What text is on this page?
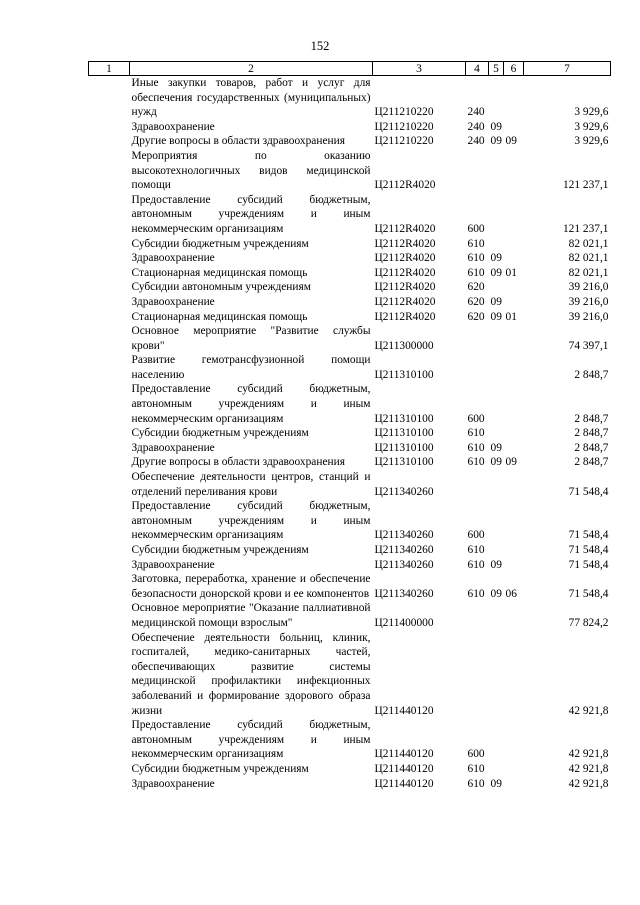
152
1	2	3	4	5	6	7
	Иные закупки товаров, работ и услуг для обеспечения государственных (муниципальных) нужд	Ц211210220	240			3 929,6
	Здравоохранение	Ц211210220	240	09		3 929,6
	Другие вопросы в области здравоохранения	Ц211210220	240	09	09	3 929,6
	Мероприятия по оказанию высокотехнологичных видов медицинской помощи	Ц2112R4020				121 237,1
	Предоставление субсидий бюджетным, автономным учреждениям и иным некоммерческим организациям	Ц2112R4020	600			121 237,1
	Субсидии бюджетным учреждениям	Ц2112R4020	610			82 021,1
	Здравоохранение	Ц2112R4020	610	09		82 021,1
	Стационарная медицинская помощь	Ц2112R4020	610	09	01	82 021,1
	Субсидии автономным учреждениям	Ц2112R4020	620			39 216,0
	Здравоохранение	Ц2112R4020	620	09		39 216,0
	Стационарная медицинская помощь	Ц2112R4020	620	09	01	39 216,0
	Основное мероприятие "Развитие службы крови"	Ц211300000				74 397,1
	Развитие гемотрансфузионной помощи населению	Ц211310100				2 848,7
	Предоставление субсидий бюджетным, автономным учреждениям и иным некоммерческим организациям	Ц211310100	600			2 848,7
	Субсидии бюджетным учреждениям	Ц211310100	610			2 848,7
	Здравоохранение	Ц211310100	610	09		2 848,7
	Другие вопросы в области здравоохранения	Ц211310100	610	09	09	2 848,7
	Обеспечение деятельности центров, станций и отделений переливания крови	Ц211340260				71 548,4
	Предоставление субсидий бюджетным, автономным учреждениям и иным некоммерческим организациям	Ц211340260	600			71 548,4
	Субсидии бюджетным учреждениям	Ц211340260	610			71 548,4
	Здравоохранение	Ц211340260	610	09		71 548,4
	Заготовка, переработка, хранение и обеспечение безопасности донорской крови и ее компонентов	Ц211340260	610	09	06	71 548,4
	Основное мероприятие "Оказание паллиативной медицинской помощи взрослым"	Ц211400000				77 824,2
	Обеспечение деятельности больниц, клиник, госпиталей, медико-санитарных частей, обеспечивающих развитие системы медицинской профилактики инфекционных заболеваний и формирование здорового образа жизни	Ц211440120				42 921,8
	Предоставление субсидий бюджетным, автономным учреждениям и иным некоммерческим организациям	Ц211440120	600			42 921,8
	Субсидии бюджетным учреждениям	Ц211440120	610			42 921,8
	Здравоохранение	Ц211440120	610	09		42 921,8
